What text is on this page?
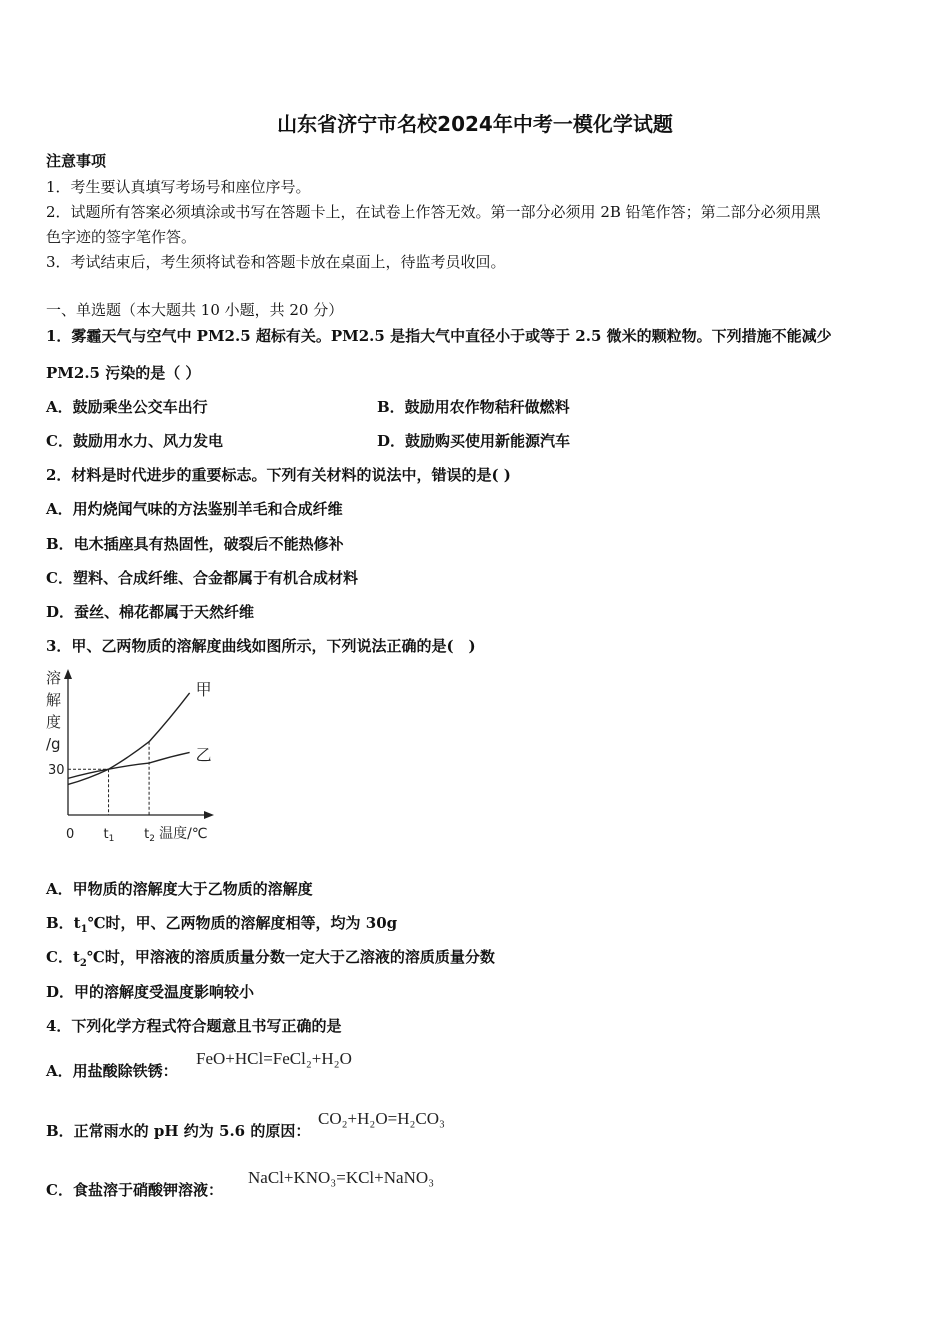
山东省济宁市名校2024年中考一模化学试题
注意事项
1．考生要认真填写考场号和座位序号。
2．试题所有答案必须填涂或书写在答题卡上，在试卷上作答无效。第一部分必须用 2B 铅笔作答；第二部分必须用黑
色字迹的签字笔作答。
3．考试结束后，考生须将试卷和答题卡放在桌面上，待监考员收回。
一、单选题（本大题共 10 小题，共 20 分）
1．雾霾天气与空气中 PM2.5 超标有关。PM2.5 是指大气中直径小于或等于 2.5 微米的颗粒物。下列措施不能减少
PM2.5 污染的是（ ）
A．鼓励乘坐公交车出行	B．鼓励用农作物秸秆做燃料
C．鼓励用水力、风力发电	D．鼓励购买使用新能源汽车
2．材料是时代进步的重要标志。下列有关材料的说法中，错误的是( )
A．用灼烧闻气味的方法鉴别羊毛和合成纤维
B．电木插座具有热固性，破裂后不能热修补
C．塑料、合成纤维、合金都属于有机合成材料
D．蚕丝、棉花都属于天然纤维
3．甲、乙两物质的溶解度曲线如图所示，下列说法正确的是(　)
溶
解
度
/g
甲
乙
30
0 $t_1$ $t_2$ 温度/℃
A．甲物质的溶解度大于乙物质的溶解度
B．$t_1℃$时，甲、乙两物质的溶解度相等，均为 30g
C．$t_2℃$时，甲溶液的溶质质量分数一定大于乙溶液的溶质质量分数
D．甲的溶解度受温度影响较小
4．下列化学方程式符合题意且书写正确的是
A．用盐酸除铁锈：
FeO+HCl=FeCl₂+H₂O
B．正常雨水的 pH 约为 5.6 的原因：
CO₂+H₂O=H₂CO₃
C．食盐溶于硝酸钾溶液：
NaCl+KNO₃=KCl+NaNO₃
